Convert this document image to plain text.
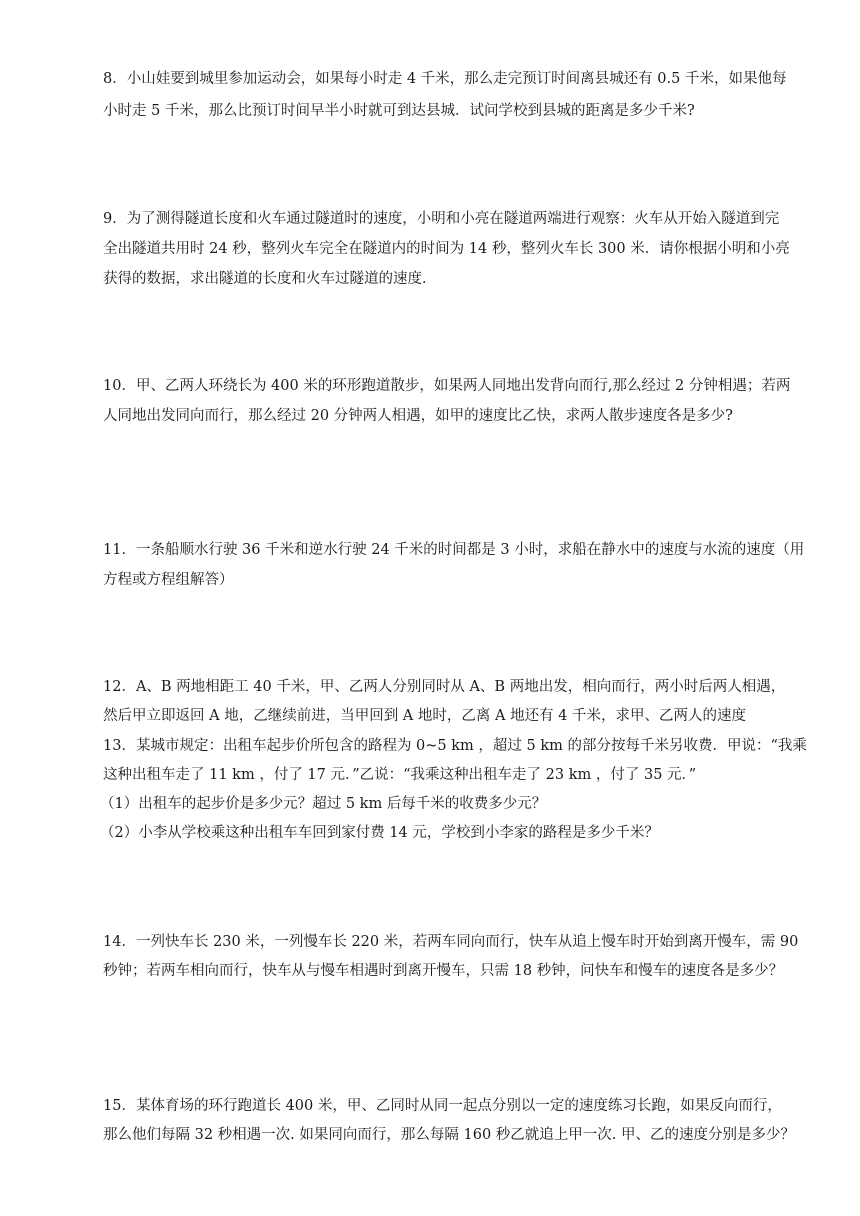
8．小山娃要到城里参加运动会，如果每小时走 4 千米，那么走完预订时间离县城还有 0.5 千米，如果他每
小时走 5 千米，那么比预订时间早半小时就可到达县城．试问学校到县城的距离是多少千米?
9．为了测得隧道长度和火车通过隧道时的速度，小明和小亮在隧道两端进行观察：火车从开始入隧道到完
全出隧道共用时 24 秒，整列火车完全在隧道内的时间为 14 秒，整列火车长 300 米．请你根据小明和小亮
获得的数据，求出隧道的长度和火车过隧道的速度．
10．甲、乙两人环绕长为 400 米的环形跑道散步，如果两人同地出发背向而行,那么经过 2 分钟相遇；若两
人同地出发同向而行，那么经过 20 分钟两人相遇，如甲的速度比乙快，求两人散步速度各是多少?
11．一条船顺水行驶 36 千米和逆水行驶 24 千米的时间都是 3 小时，求船在静水中的速度与水流的速度（用
方程或方程组解答）
12．A、B 两地相距工 40 千米，甲、乙两人分别同时从 A、B 两地出发，相向而行，两小时后两人相遇，
然后甲立即返回 A 地，乙继续前进，当甲回到 A 地时，乙离 A 地还有 4 千米，求甲、乙两人的速度
13．某城市规定：出租车起步价所包含的路程为 0~5 km ，超过 5 km 的部分按每千米另收费．甲说：“我乘
这种出租车走了 11 km ，付了 17 元．”乙说：“我乘这种出租车走了 23 km ，付了 35 元．”
（1）出租车的起步价是多少元？超过 5 km 后每千米的收费多少元？
（2）小李从学校乘这种出租车车回到家付费 14 元，学校到小李家的路程是多少千米？
14．一列快车长 230 米，一列慢车长 220 米，若两车同向而行，快车从追上慢车时开始到离开慢车，需 90
秒钟；若两车相向而行，快车从与慢车相遇时到离开慢车，只需 18 秒钟，问快车和慢车的速度各是多少？
15．某体育场的环行跑道长 400 米，甲、乙同时从同一起点分别以一定的速度练习长跑，如果反向而行，
那么他们每隔 32 秒相遇一次. 如果同向而行，那么每隔 160 秒乙就追上甲一次. 甲、乙的速度分别是多少？
